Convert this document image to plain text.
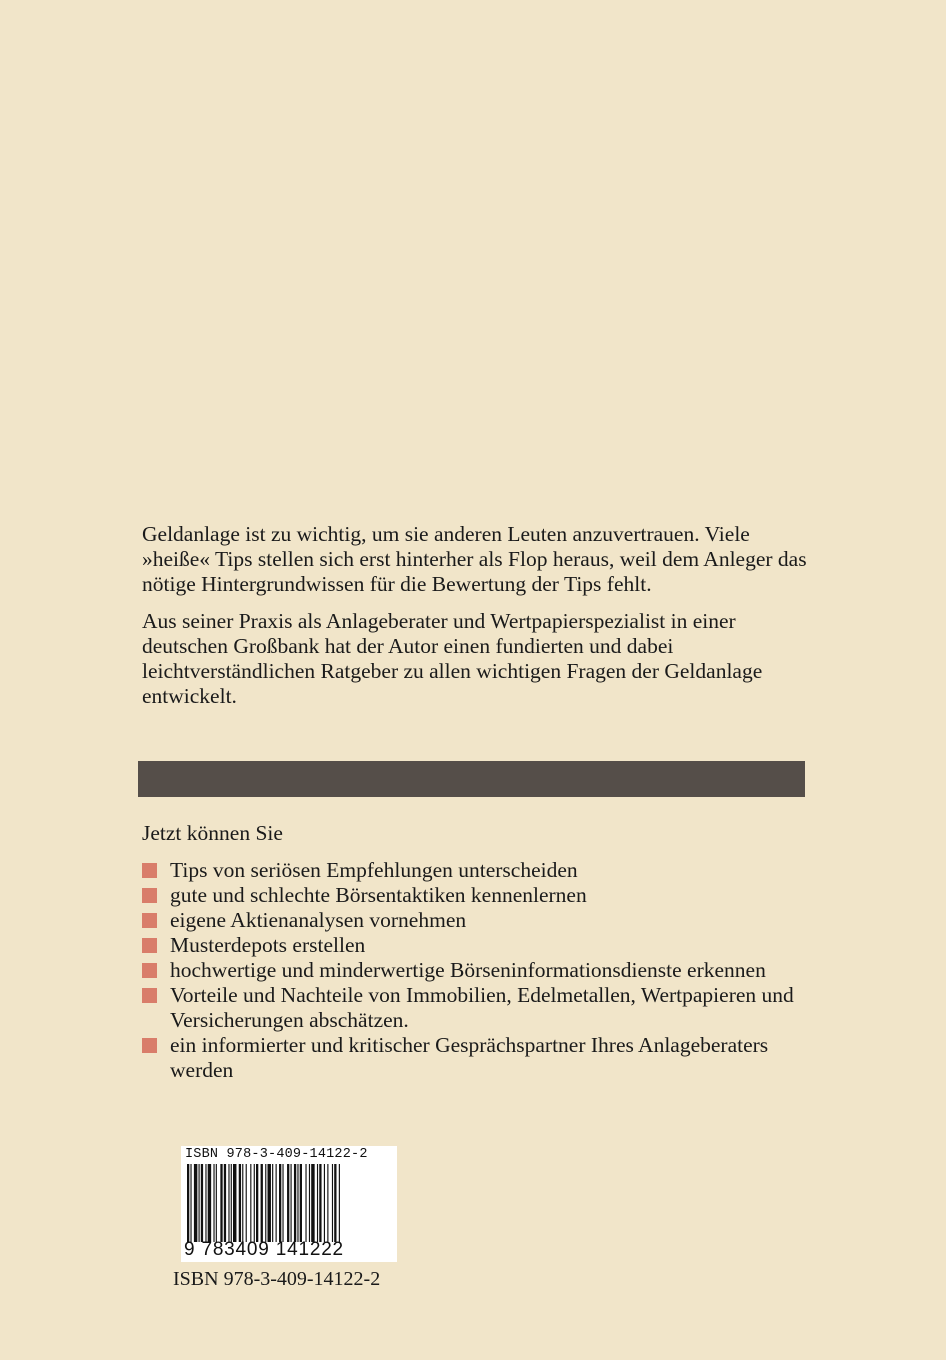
Geldanlage ist zu wichtig, um sie anderen Leuten anzuvertrauen. Viele »heiße« Tips stellen sich erst hinterher als Flop heraus, weil dem Anleger das nötige Hintergrundwissen für die Bewertung der Tips fehlt.

Aus seiner Praxis als Anlageberater und Wertpapierspezialist in einer deutschen Großbank hat der Autor einen fundierten und dabei leichtverständlichen Ratgeber zu allen wichtigen Fragen der Geldanlage entwickelt.

Jetzt können Sie

Tips von seriösen Empfehlungen unterscheiden
gute und schlechte Börsentaktiken kennenlernen
eigene Aktienanalysen vornehmen
Musterdepots erstellen
hochwertige und minderwertige Börseninformationsdienste erkennen
Vorteile und Nachteile von Immobilien, Edelmetallen, Wertpapieren und Versicherungen abschätzen.
ein informierter und kritischer Gesprächspartner Ihres Anlageberaters werden
ISBN 978-3-409-14122-2
9 783409 141222
ISBN 978-3-409-14122-2
